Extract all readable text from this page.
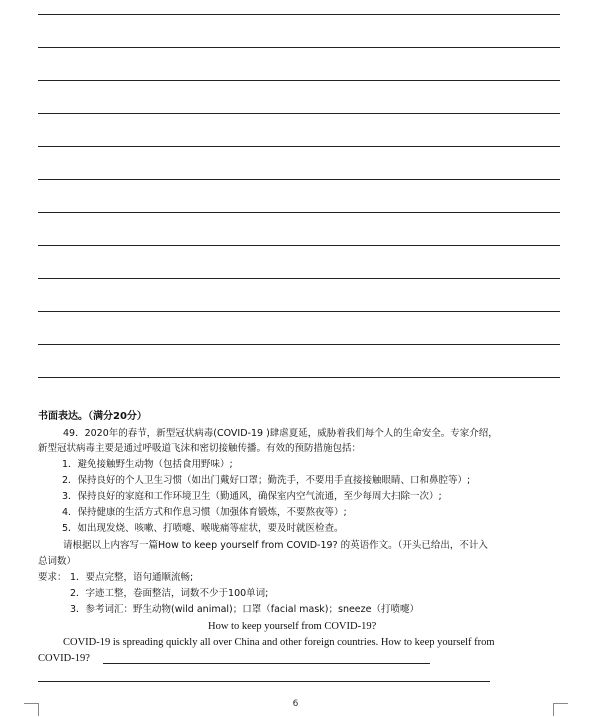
书面表达。（满分20分）
49．2020年的春节，新型冠状病毒(COVID-19 )肆虐夏延，威胁着我们每个人的生命安全。专家介绍，
新型冠状病毒主要是通过呼吸道飞沫和密切接触传播。有效的预防措施包括：
1．避免接触野生动物（包括食用野味）;
2．保持良好的个人卫生习惯（如出门戴好口罩；勤洗手，不要用手直接接触眼睛、口和鼻腔等）;
3．保持良好的家庭和工作环境卫生（勤通风，确保室内空气流通，至少每周大扫除一次）;
4．保持健康的生活方式和作息习惯（加强体育锻炼，不要熬夜等）;
5．如出现发烧、咳嗽、打喷嚏、喉咙痛等症状，要及时就医检查。
请根据以上内容写一篇How to keep yourself from COVID-19? 的英语作文。（开头已给出，不计入
总词数）
要求： 1．要点完整，语句通顺流畅;
2．字迹工整，卷面整洁，词数不少于100单词;
3．参考词汇：野生动物(wild animal)；口罩（facial mask)；sneeze（打喷嚏）
How to keep yourself from COVID-19?
COVID-19 is spreading quickly all over China and other foreign countries. How to keep yourself from
COVID-19?
6
